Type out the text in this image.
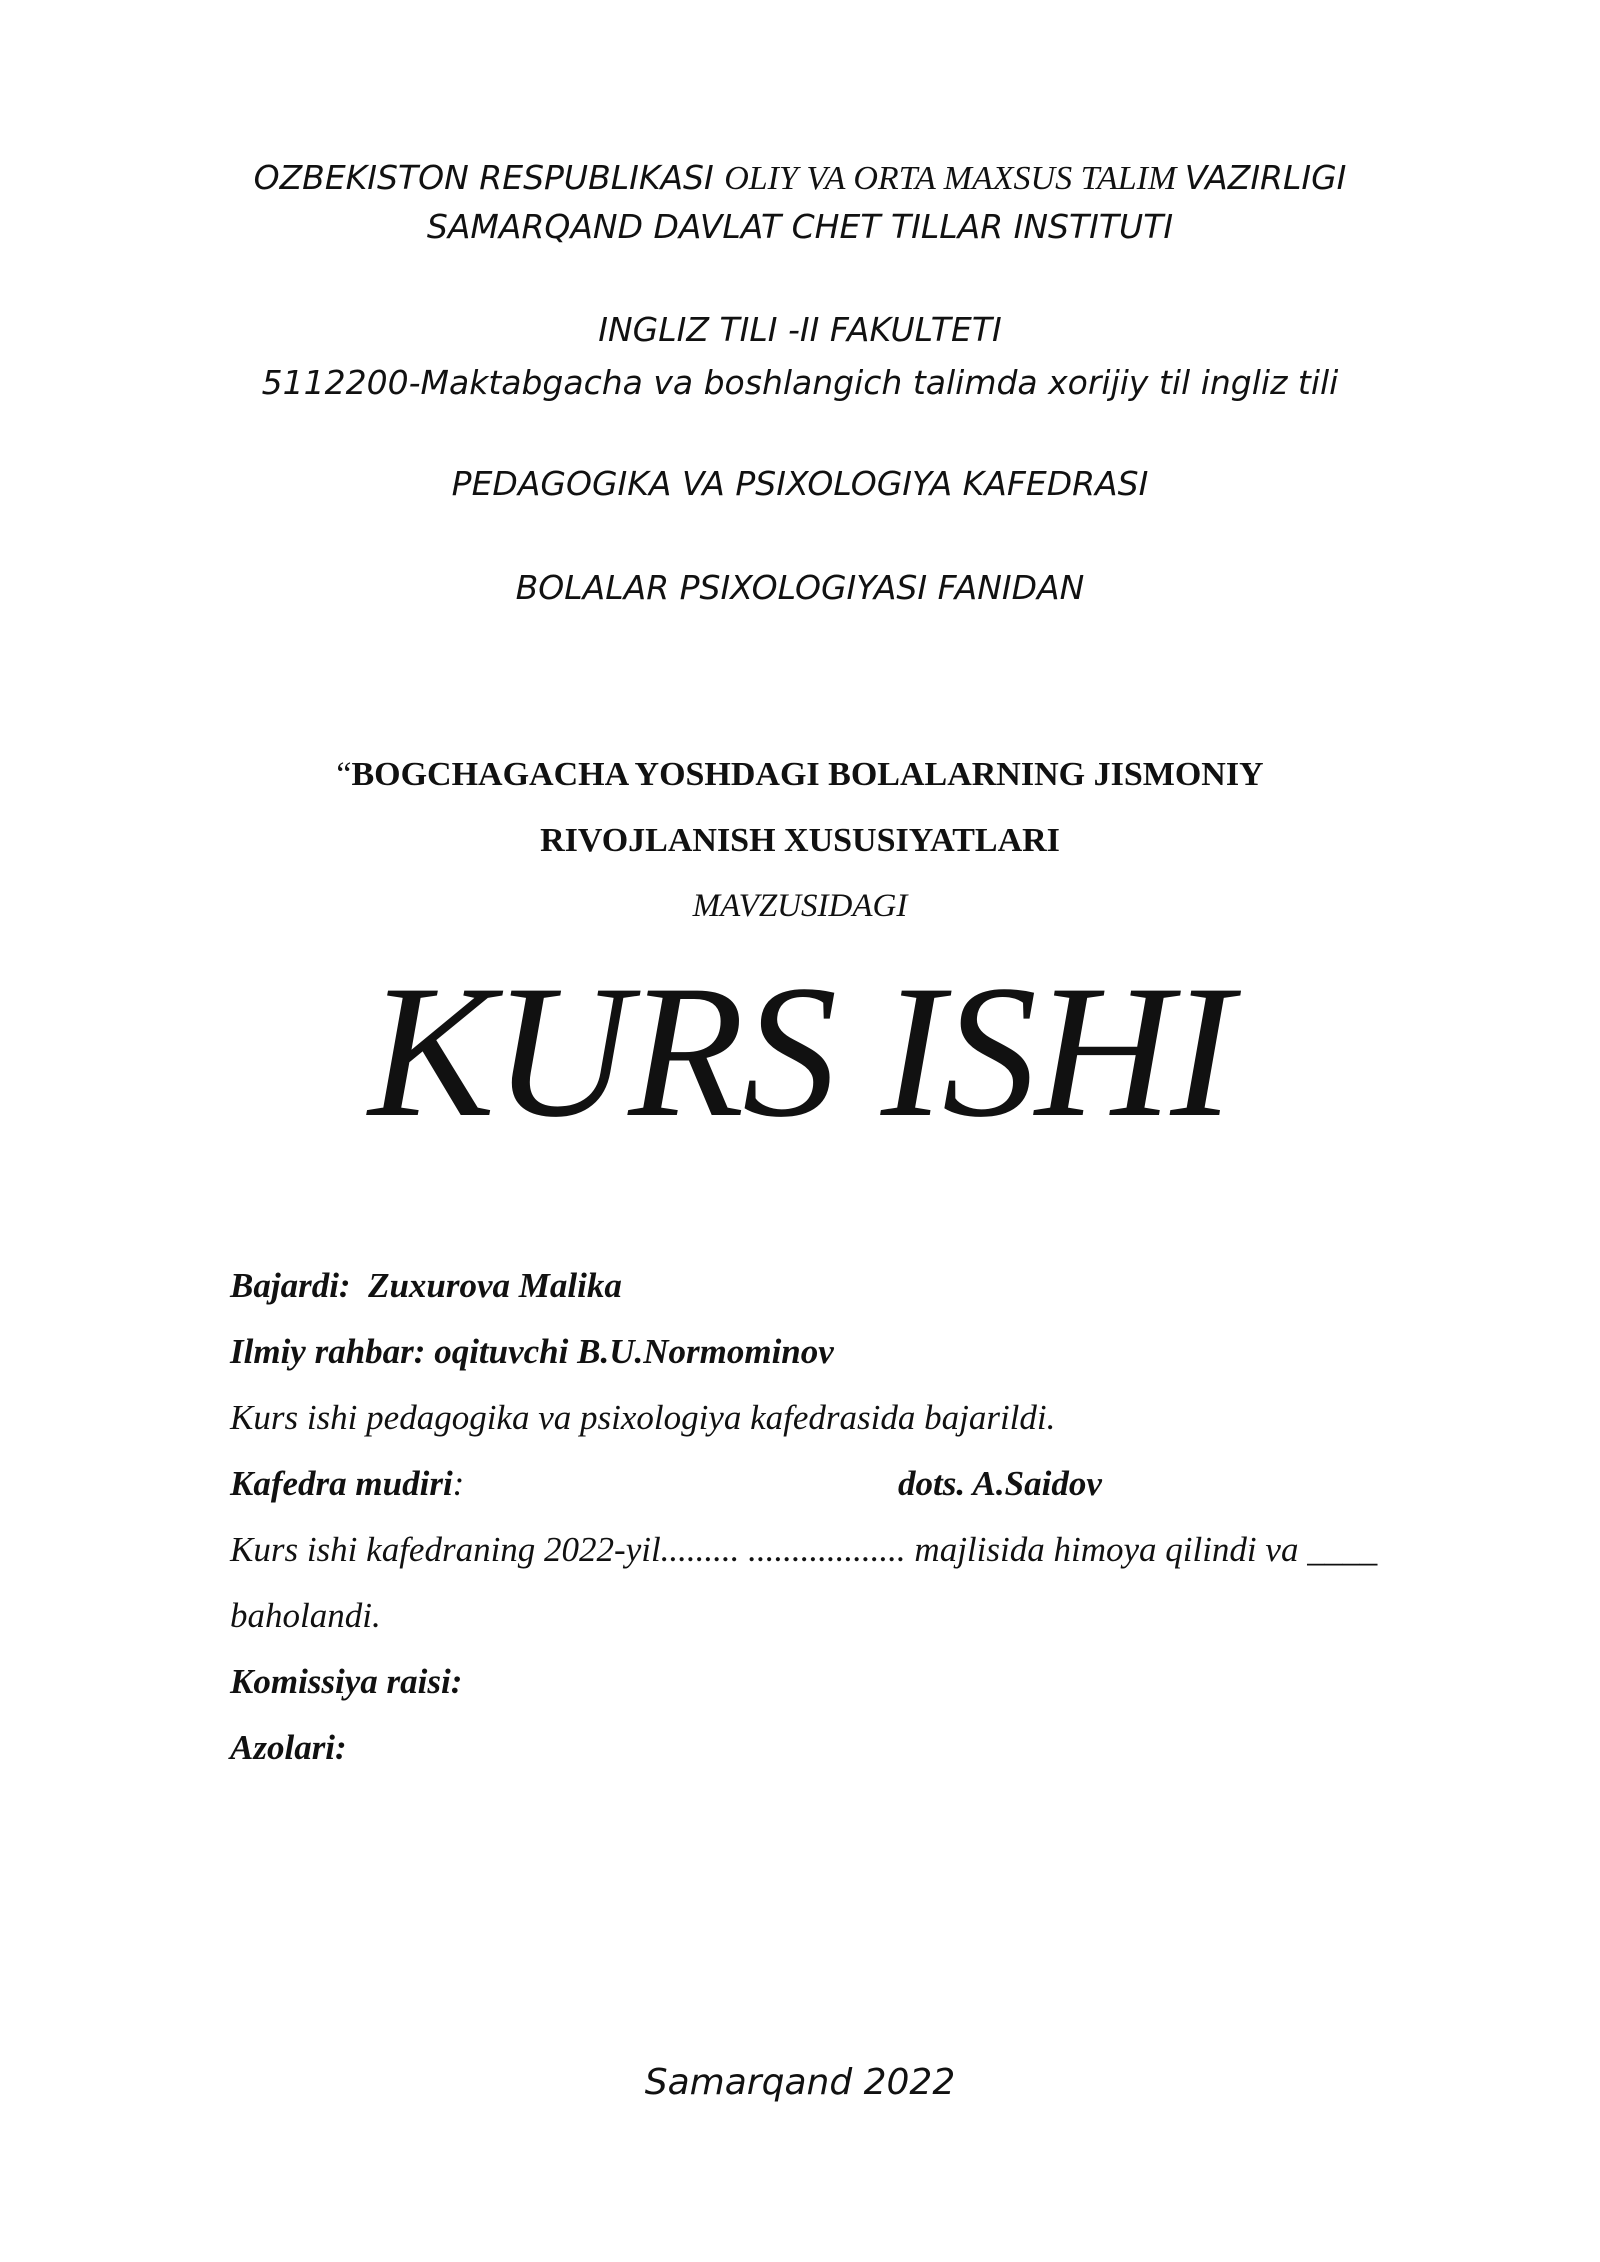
OZBEKISTON RESPUBLIKASI OLIY VA ORTA MAXSUS TALIM VAZIRLIGI
SAMARQAND DAVLAT CHET TILLAR INSTITUTI
INGLIZ TILI -II FAKULTETI
5112200-Maktabgacha va boshlangich talimda xorijiy til ingliz tili
PEDAGOGIKA VA PSIXOLOGIYA KAFEDRASI
BOLALAR PSIXOLOGIYASI FANIDAN
“BOGCHAGACHA YOSHDAGI BOLALARNING JISMONIY
RIVOJLANISH XUSUSIYATLARI
MAVZUSIDAGI
KURS ISHI
Bajardi: Zuxurova Malika
Ilmiy rahbar: oqituvchi B.U.Normominov
Kurs ishi pedagogika va psixologiya kafedrasida bajarildi.
Kafedra mudiri:	dots. A.Saidov
Kurs ishi kafedraning 2022-yil......... .................. majlisida himoya qilindi va ____
baholandi.
Komissiya raisi:
Azolari:
Samarqand 2022
